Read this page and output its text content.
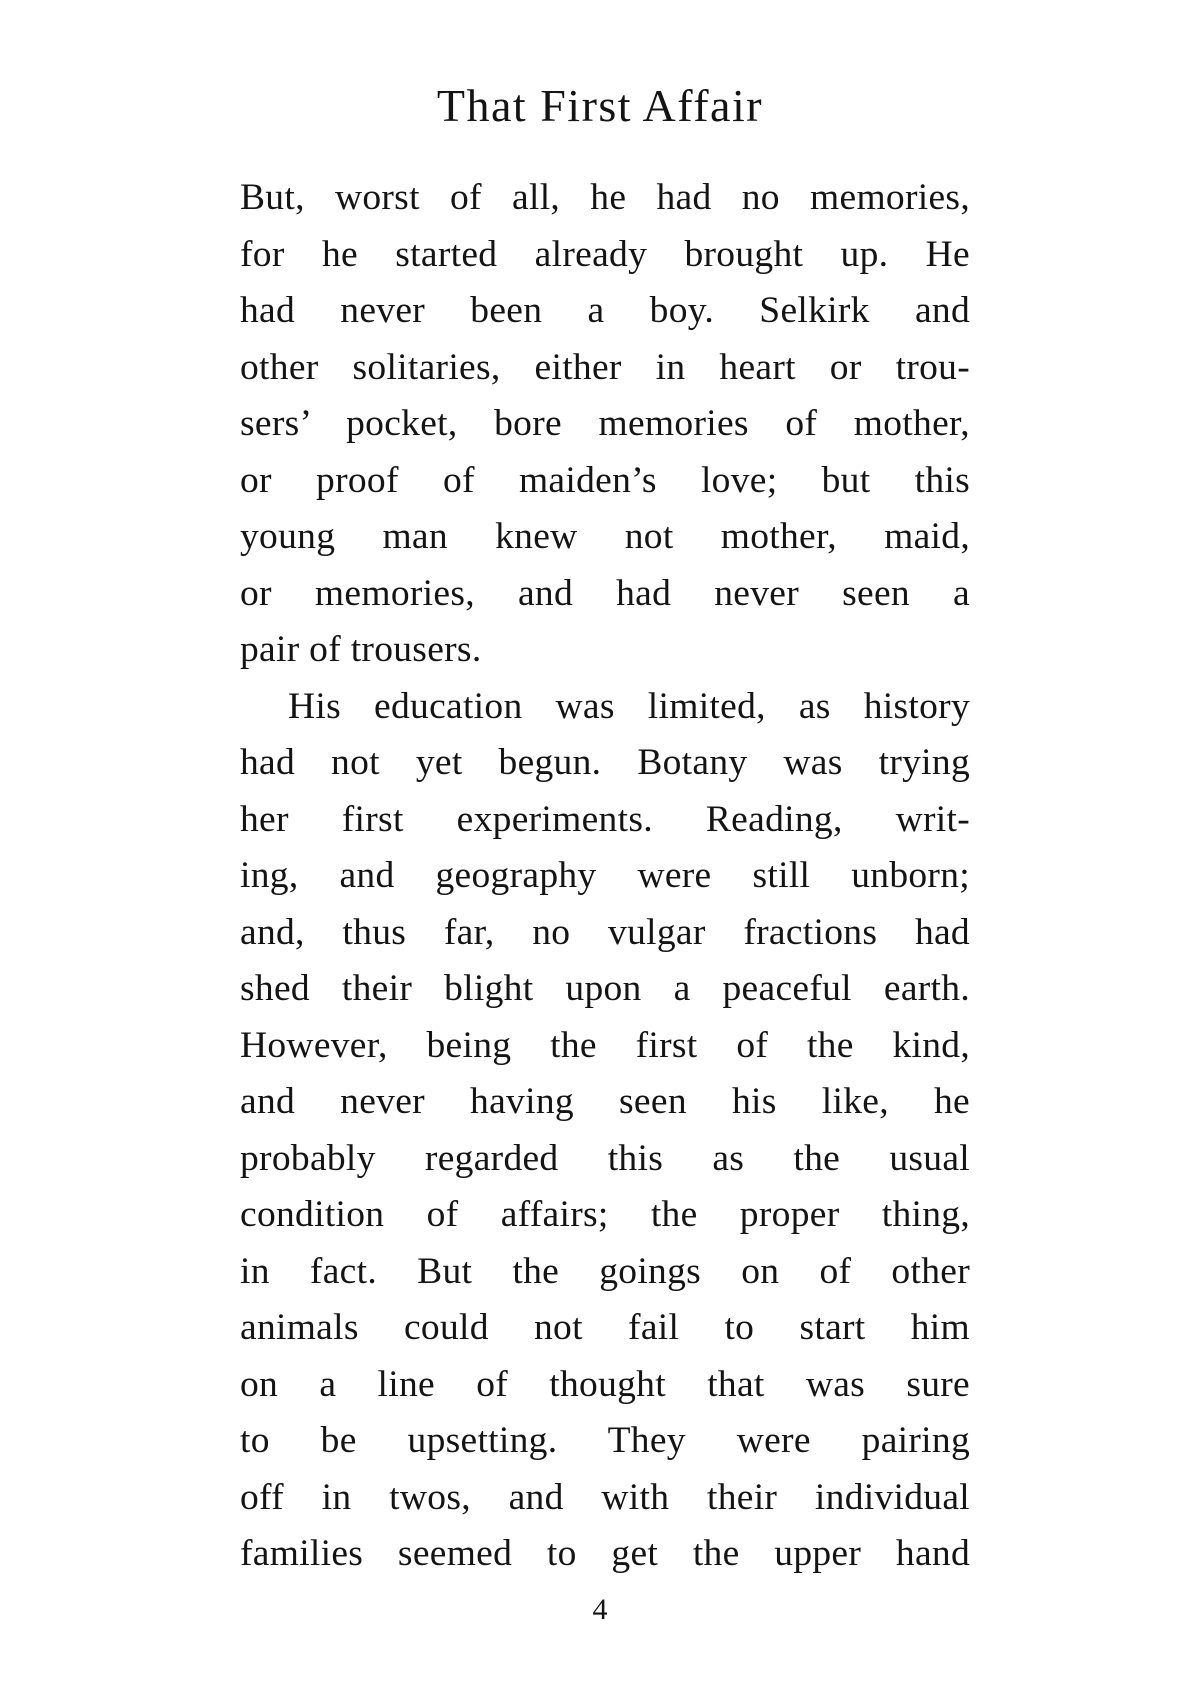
That First Affair
But, worst of all, he had no memories,
for he started already brought up. He
had never been a boy. Selkirk and
other solitaries, either in heart or trou-
sers’ pocket, bore memories of mother,
or proof of maiden’s love; but this
young man knew not mother, maid,
or memories, and had never seen a
pair of trousers.
His education was limited, as history
had not yet begun. Botany was trying
her first experiments. Reading, writ-
ing, and geography were still unborn;
and, thus far, no vulgar fractions had
shed their blight upon a peaceful earth.
However, being the first of the kind,
and never having seen his like, he
probably regarded this as the usual
condition of affairs; the proper thing,
in fact. But the goings on of other
animals could not fail to start him
on a line of thought that was sure
to be upsetting. They were pairing
off in twos, and with their individual
families seemed to get the upper hand
4
